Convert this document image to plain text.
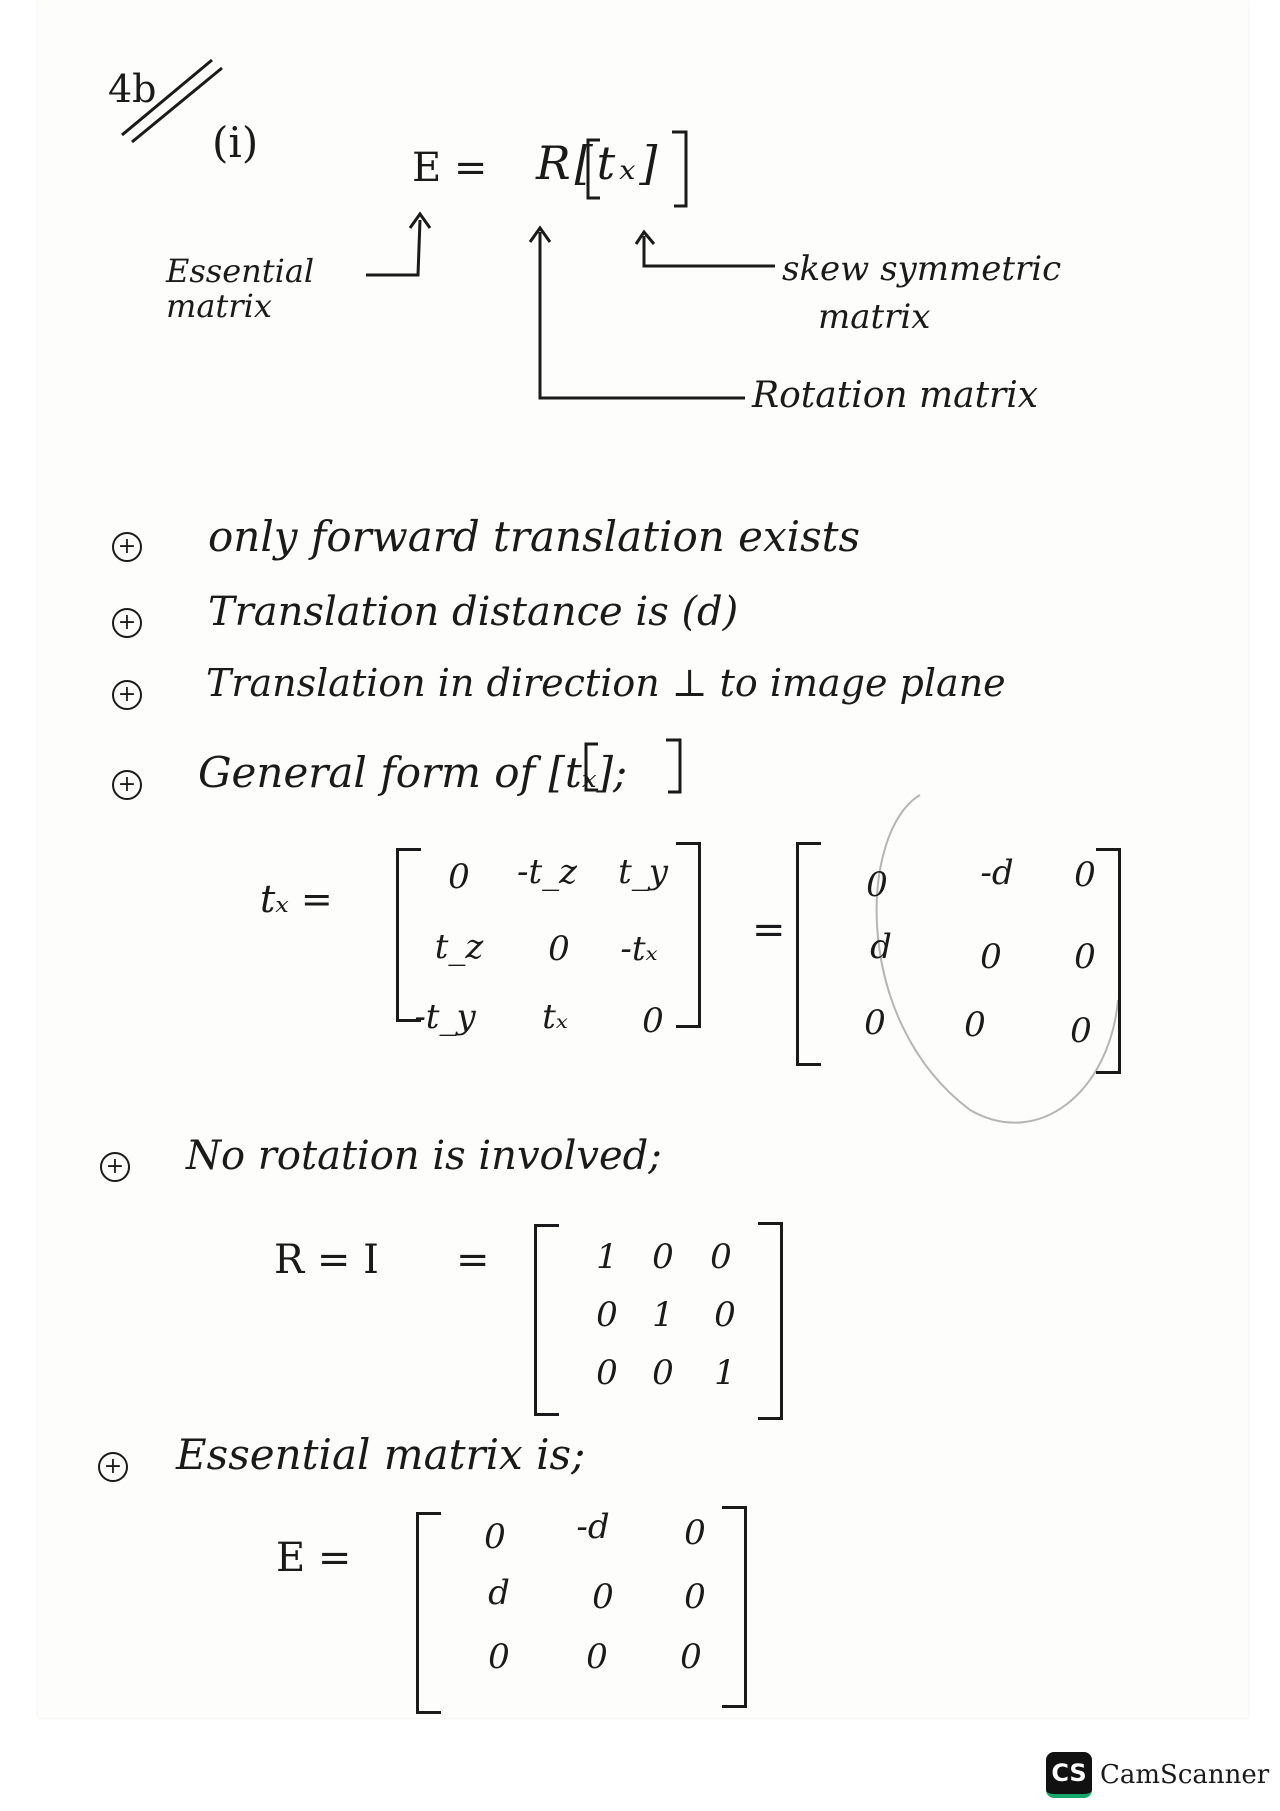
4b
(i)
E = R[tₓ]
Essential matrix
skew symmetric
matrix
Rotation matrix
+ only forward translation exists
+ Translation distance is (d)
+ Translation in direction ⊥ to image plane
+ General form of [tₓ];
tₓ =	0	-t_z t_y
t_z	0	-tₓ
-t_y	tₓ	0
=
0	-d	0
d	0	0
0	0	0
+ No rotation is involved;
R = I =	1	0	0
0	1	0
0	0	1
+ Essential matrix is;
E =	0	-d	0
d	0	0
0	0	0
CS CamScanner
